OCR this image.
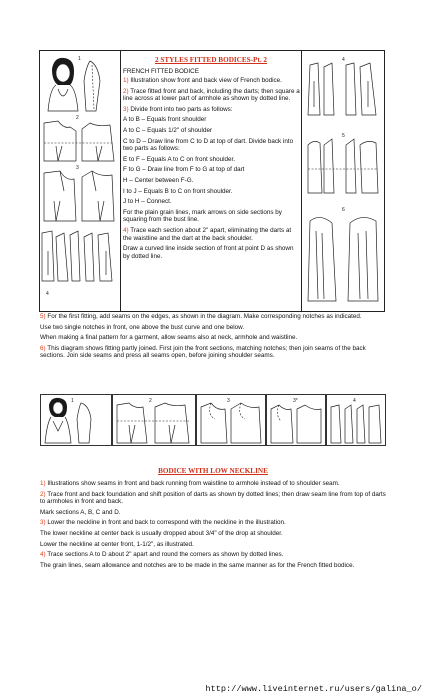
1
2
3
4
2 STYLES FITTED BODICES-Pt. 2
FRENCH FITTED BODICE
1) Illustration show front and back view of French bodice.
2) Trace fitted front and back, including the darts; then square a line across at lower part of armhole as shown by dotted line.
3) Divide front into two parts as follows:
A to B – Equals front shoulder
A to C – Equals 1/2" of shoulder
C to D – Draw line from C to D at top of dart. Divide back into two parts as follows:
E to F – Equals A to C on front shoulder.
F to G – Draw line from F to G at top of dart
H – Center between F-G.
I to J – Equals B to C on front shoulder.
J to H – Connect.
For the plain grain lines, mark arrows on side sections by squaring from the bust line.
4) Trace each section about 2" apart, eliminating the darts at the waistline and the dart at the back shoulder.
Draw a curved line inside section of front at point D as shown by dotted line.
4
5
6
5) For the first fitting, add seams on the edges, as shown in the diagram. Make corresponding notches as indicated.
Use two single notches in front, one above the bust curve and one below.
When making a final pattern for a garment, allow seams also at neck, armhole and waistline.
6) This diagram shows fitting partly joined. First join the front sections, matching notches; then join seams of the back sections. Join side seams and press all seams open, before joining shoulder seams.
1	2	3	3*	4
BODICE WITH LOW NECKLINE
1) Illustrations show seams in front and back running from waistline to armhole instead of to shoulder seam.
2) Trace front and back foundation and shift position of darts as shown by dotted lines; then draw seam line from top of darts to armholes in front and back.
Mark sections A, B, C and D.
3) Lower the neckline in front and back to correspond with the neckline in the illustration.
The lower neckline at center back is usually dropped about 3/4" of the drop at shoulder.
Lower the neckline at center front, 1-1/2", as illustrated.
4) Trace sections A to D about 2" apart and round the corners as shown by dotted lines.
The grain lines, seam allowance and notches are to be made in the same manner as for the French fitted bodice.
http://www.liveinternet.ru/users/galina_o/
